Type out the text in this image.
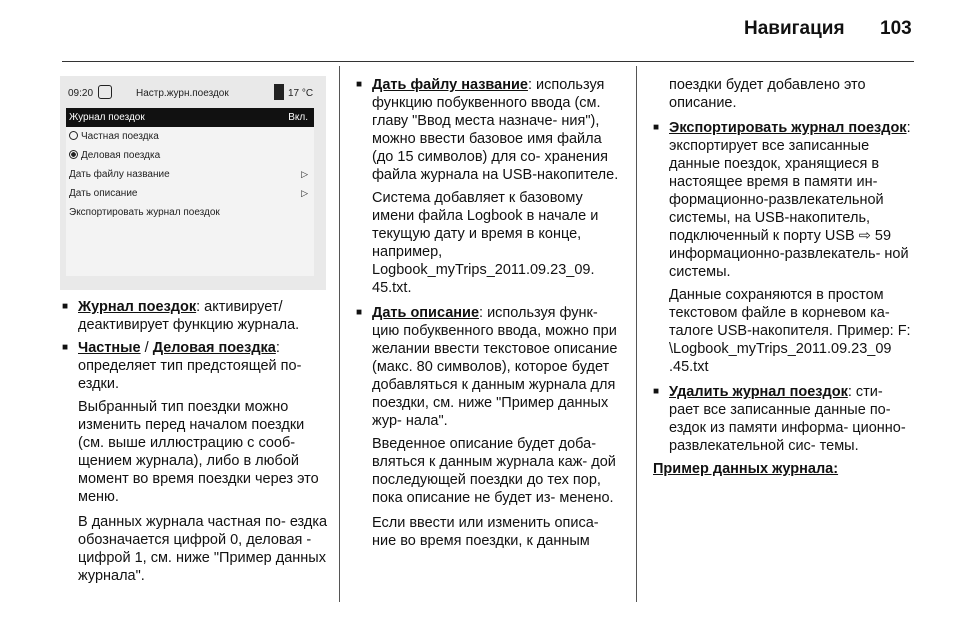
Навигация 103
09:20	Настр.журн.поездок	17 °C
Журнал поездок	Вкл.
Частная поездка
Деловая поездка
Дать файлу название	▷
Дать описание	▷
Экспортировать журнал поездок
■ Журнал поездок: активирует/ деактивирует функцию журнала.
■ Частные / Деловая поездка: определяет тип предстоящей по- ездки.

Выбранный тип поездки можно изменить перед началом поездки (см. выше иллюстрацию с сооб- щением журнала), либо в любой момент во время поездки через это меню.

В данных журнала частная по- ездка обозначается цифрой 0, деловая - цифрой 1, см. ниже "Пример данных журнала".

■ Дать файлу название: используя функцию побуквенного ввода (см. главу "Ввод места назначе- ния"), можно ввести базовое имя файла (до 15 символов) для со- хранения файла журнала на USB-накопителе.

Система добавляет к базовому имени файла Logbook в начале и текущую дату и время в конце, например, Logbook_myTrips_2011.09.23_09. 45.txt.

■ Дать описание: используя функ- цию побуквенного ввода, можно при желании ввести текстовое описание (макс. 80 символов), которое будет добавляться к данным журнала для поездки, см. ниже "Пример данных жур- нала".

Введенное описание будет доба- вляться к данным журнала каж- дой последующей поездки до тех пор, пока описание не будет из- менено.

Если ввести или изменить описа- ние во время поездки, к данным

поездки будет добавлено это описание.

■ Экспортировать журнал поездок: экспортирует все записанные данные поездок, хранящиеся в настоящее время в памяти ин- формационно-развлекательной системы, на USB-накопитель, подключенный к порту USB ⇨ 59 информационно-развлекатель- ной системы.

Данные сохраняются в простом текстовом файле в корневом ка- талоге USB-накопителя. Пример: F: \Logbook_myTrips_2011.09.23_09 .45.txt

■ Удалить журнал поездок: сти- рает все записанные данные по- ездок из памяти информа- ционно-развлекательной сис- темы.

Пример данных журнала:
